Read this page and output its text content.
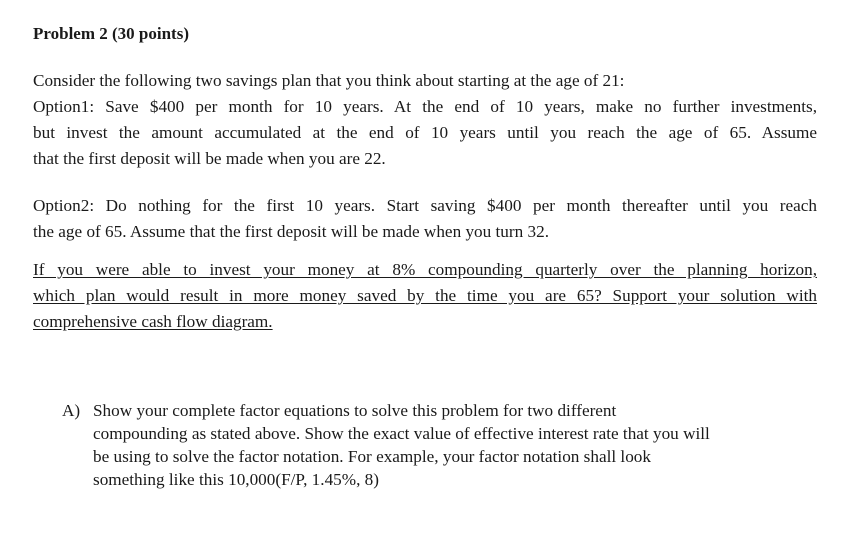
Problem 2 (30 points)
Consider the following two savings plan that you think about starting at the age of 21:
Option1: Save $400 per month for 10 years. At the end of 10 years, make no further investments,
but invest the amount accumulated at the end of 10 years until you reach the age of 65. Assume
that the first deposit will be made when you are 22.
Option2: Do nothing for the first 10 years. Start saving $400 per month thereafter until you reach
the age of 65. Assume that the first deposit will be made when you turn 32.
If you were able to invest your money at 8% compounding quarterly over the planning horizon,
which plan would result in more money saved by the time you are 65? Support your solution with
comprehensive cash flow diagram.
A) Show your complete factor equations to solve this problem for two different
compounding as stated above. Show the exact value of effective interest rate that you will
be using to solve the factor notation. For example, your factor notation shall look
something like this 10,000(F/P, 1.45%, 8)
